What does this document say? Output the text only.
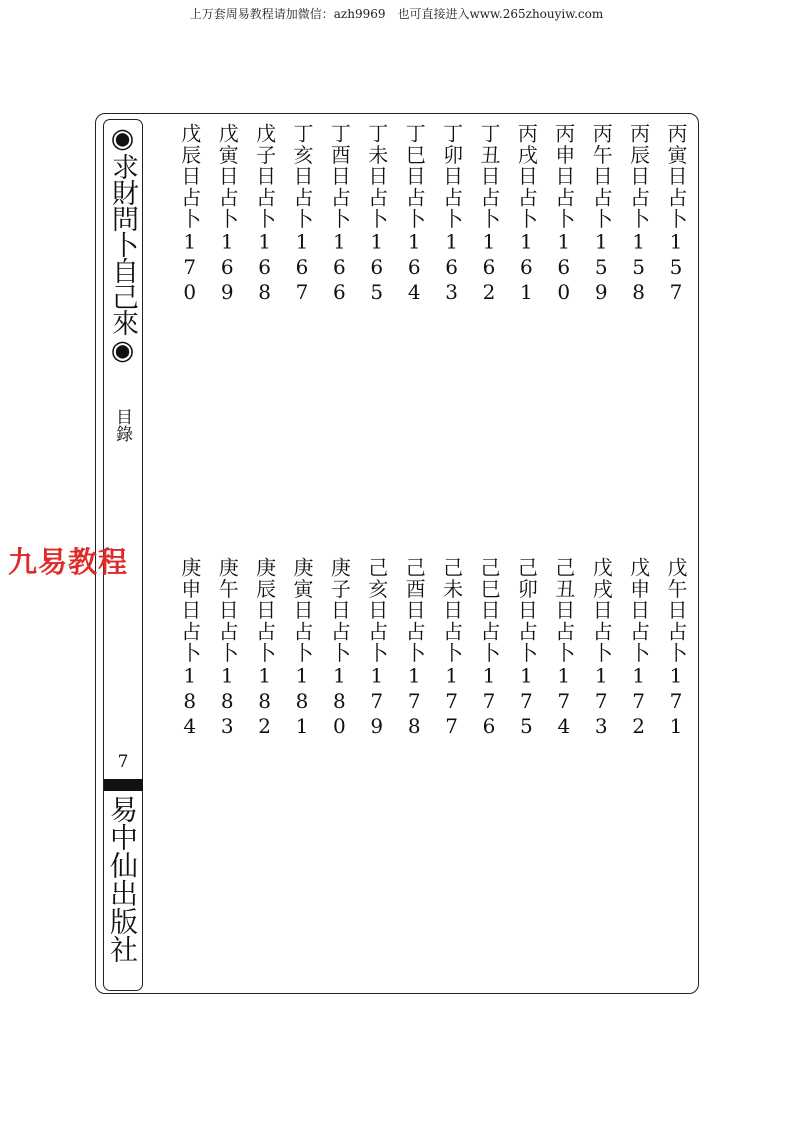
上万套周易教程请加微信：azh9969　也可直接进入www.265zhouyiw.com
◉求財問卜自己來◉
目錄
7
易中仙出版社
九易教程
丙寅日占卜157
丙辰日占卜158
丙午日占卜159
丙申日占卜160
丙戌日占卜161
丁丑日占卜162
丁卯日占卜163
丁巳日占卜164
丁未日占卜165
丁酉日占卜166
丁亥日占卜167
戊子日占卜168
戊寅日占卜169
戊辰日占卜170
戊午日占卜171
戊申日占卜172
戊戌日占卜173
己丑日占卜174
己卯日占卜175
己巳日占卜176
己未日占卜177
己酉日占卜178
己亥日占卜179
庚子日占卜180
庚寅日占卜181
庚辰日占卜182
庚午日占卜183
庚申日占卜184
